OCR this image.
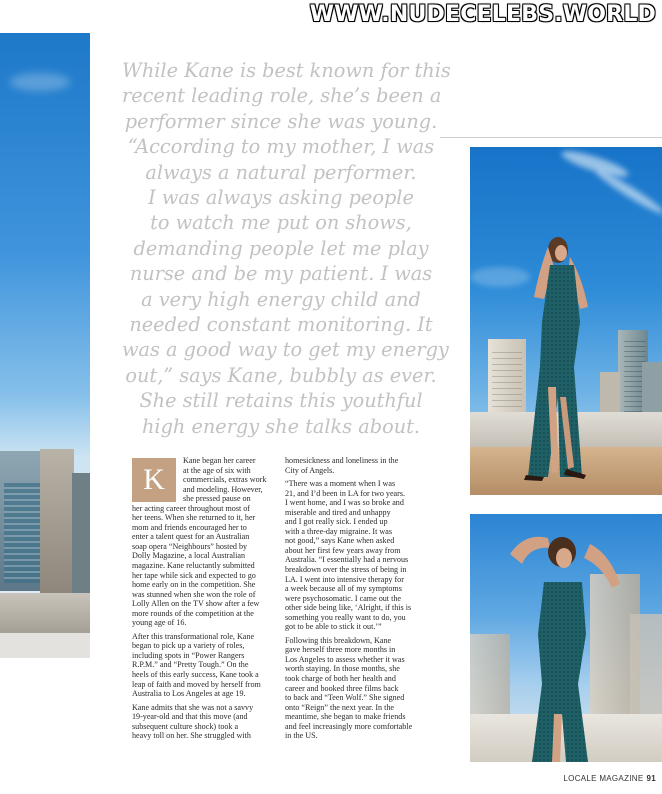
WWW.NUDECELEBS.WORLD
While Kane is best known for this
recent leading role, she’s been a
performer since she was young.
“According to my mother, I was
always a natural performer.
I was always asking people
to watch me put on shows,
demanding people let me play
nurse and be my patient. I was
a very high energy child and
needed constant monitoring. It
was a good way to get my energy
out,” says Kane, bubbly as ever.
She still retains this youthful
high energy she talks about.
K

Kane began her career
at the age of six with
commercials, extras work
and modeling. However,
she pressed pause on
her acting career throughout most of
her teens. When she returned to it, her
mom and friends encouraged her to
enter a talent quest for an Australian
soap opera “Neighbours” hosted by
Dolly Magazine, a local Australian
magazine. Kane reluctantly submitted
her tape while sick and expected to go
home early on in the competition. She
was stunned when she won the role of
Lolly Allen on the TV show after a few
more rounds of the competition at the
young age of 16.

After this transformational role, Kane
began to pick up a variety of roles,
including spots in “Power Rangers
R.P.M.” and “Pretty Tough.” On the
heels of this early success, Kane took a
leap of faith and moved by herself from
Australia to Los Angeles at age 19.

Kane admits that she was not a savvy
19-year-old and that this move (and
subsequent culture shock) took a
heavy toll on her. She struggled with

homesickness and loneliness in the
City of Angels.

“There was a moment when I was
21, and I’d been in LA for two years.
I went home, and I was so broke and
miserable and tired and unhappy
and I got really sick. I ended up
with a three-day migraine. It was
not good,” says Kane when asked
about her first few years away from
Australia. “I essentially had a nervous
breakdown over the stress of being in
LA. I went into intensive therapy for
a week because all of my symptoms
were psychosomatic. I came out the
other side being like, ‘Alright, if this is
something you really want to do, you
got to be able to stick it out.’”

Following this breakdown, Kane
gave herself three more months in
Los Angeles to assess whether it was
worth staying. In those months, she
took charge of both her health and
career and booked three films back
to back and “Teen Wolf.” She signed
onto “Reign” the next year. In the
meantime, she began to make friends
and feel increasingly more comfortable
in the US.

LOCALE MAGAZINE 91
